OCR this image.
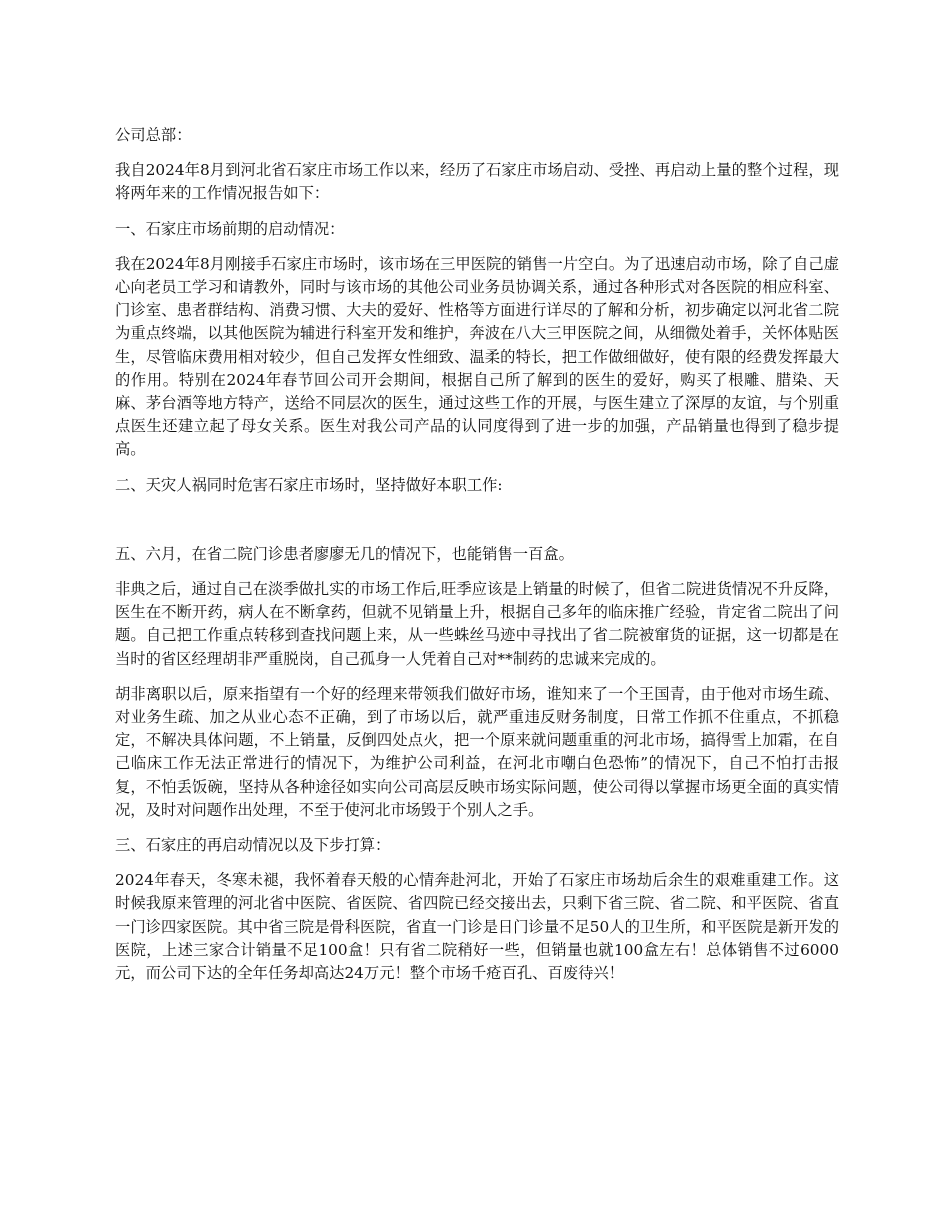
公司总部：

我自2024年8月到河北省石家庄市场工作以来，经历了石家庄市场启动、受挫、再启动上量的整个过程，现将两年来的工作情况报告如下：

一、石家庄市场前期的启动情况：

我在2024年8月刚接手石家庄市场时，该市场在三甲医院的销售一片空白。为了迅速启动市场，除了自己虚心向老员工学习和请教外，同时与该市场的其他公司业务员协调关系，通过各种形式对各医院的相应科室、门诊室、患者群结构、消费习惯、大夫的爱好、性格等方面进行详尽的了解和分析，初步确定以河北省二院为重点终端，以其他医院为辅进行科室开发和维护，奔波在八大三甲医院之间，从细微处着手，关怀体贴医生，尽管临床费用相对较少，但自己发挥女性细致、温柔的特长，把工作做细做好，使有限的经费发挥最大的作用。特别在2024年春节回公司开会期间，根据自己所了解到的医生的爱好，购买了根雕、腊染、天麻、茅台酒等地方特产，送给不同层次的医生，通过这些工作的开展，与医生建立了深厚的友谊，与个别重点医生还建立起了母女关系。医生对我公司产品的认同度得到了进一步的加强，产品销量也得到了稳步提高。

二、天灾人祸同时危害石家庄市场时，坚持做好本职工作:

五、六月，在省二院门诊患者廖廖无几的情况下，也能销售一百盒。

非典之后，通过自己在淡季做扎实的市场工作后,旺季应该是上销量的时候了，但省二院进货情况不升反降，医生在不断开药，病人在不断拿药，但就不见销量上升，根据自己多年的临床推广经验，肯定省二院出了问题。自己把工作重点转移到查找问题上来，从一些蛛丝马迹中寻找出了省二院被窜货的证据，这一切都是在当时的省区经理胡非严重脱岗，自己孤身一人凭着自己对**制药的忠诚来完成的。

胡非离职以后，原来指望有一个好的经理来带领我们做好市场，谁知来了一个王国青，由于他对市场生疏、对业务生疏、加之从业心态不正确，到了市场以后，就严重违反财务制度，日常工作抓不住重点，不抓稳定，不解决具体问题，不上销量，反倒四处点火，把一个原来就问题重重的河北市场，搞得雪上加霜，在自己临床工作无法正常进行的情况下，为维护公司利益，在河北市嘲白色恐怖”的情况下，自己不怕打击报复，不怕丢饭碗，坚持从各种途径如实向公司高层反映市场实际问题，使公司得以掌握市场更全面的真实情况，及时对问题作出处理，不至于使河北市场毁于个别人之手。

三、石家庄的再启动情况以及下步打算：

2024年春天，冬寒未褪，我怀着春天般的心情奔赴河北，开始了石家庄市场劫后余生的艰难重建工作。这时候我原来管理的河北省中医院、省医院、省四院已经交接出去，只剩下省三院、省二院、和平医院、省直一门诊四家医院。其中省三院是骨科医院，省直一门诊是日门诊量不足50人的卫生所，和平医院是新开发的医院，上述三家合计销量不足100盒！只有省二院稍好一些，但销量也就100盒左右！总体销售不过6000元，而公司下达的全年任务却高达24万元！整个市场千疮百孔、百废待兴！
